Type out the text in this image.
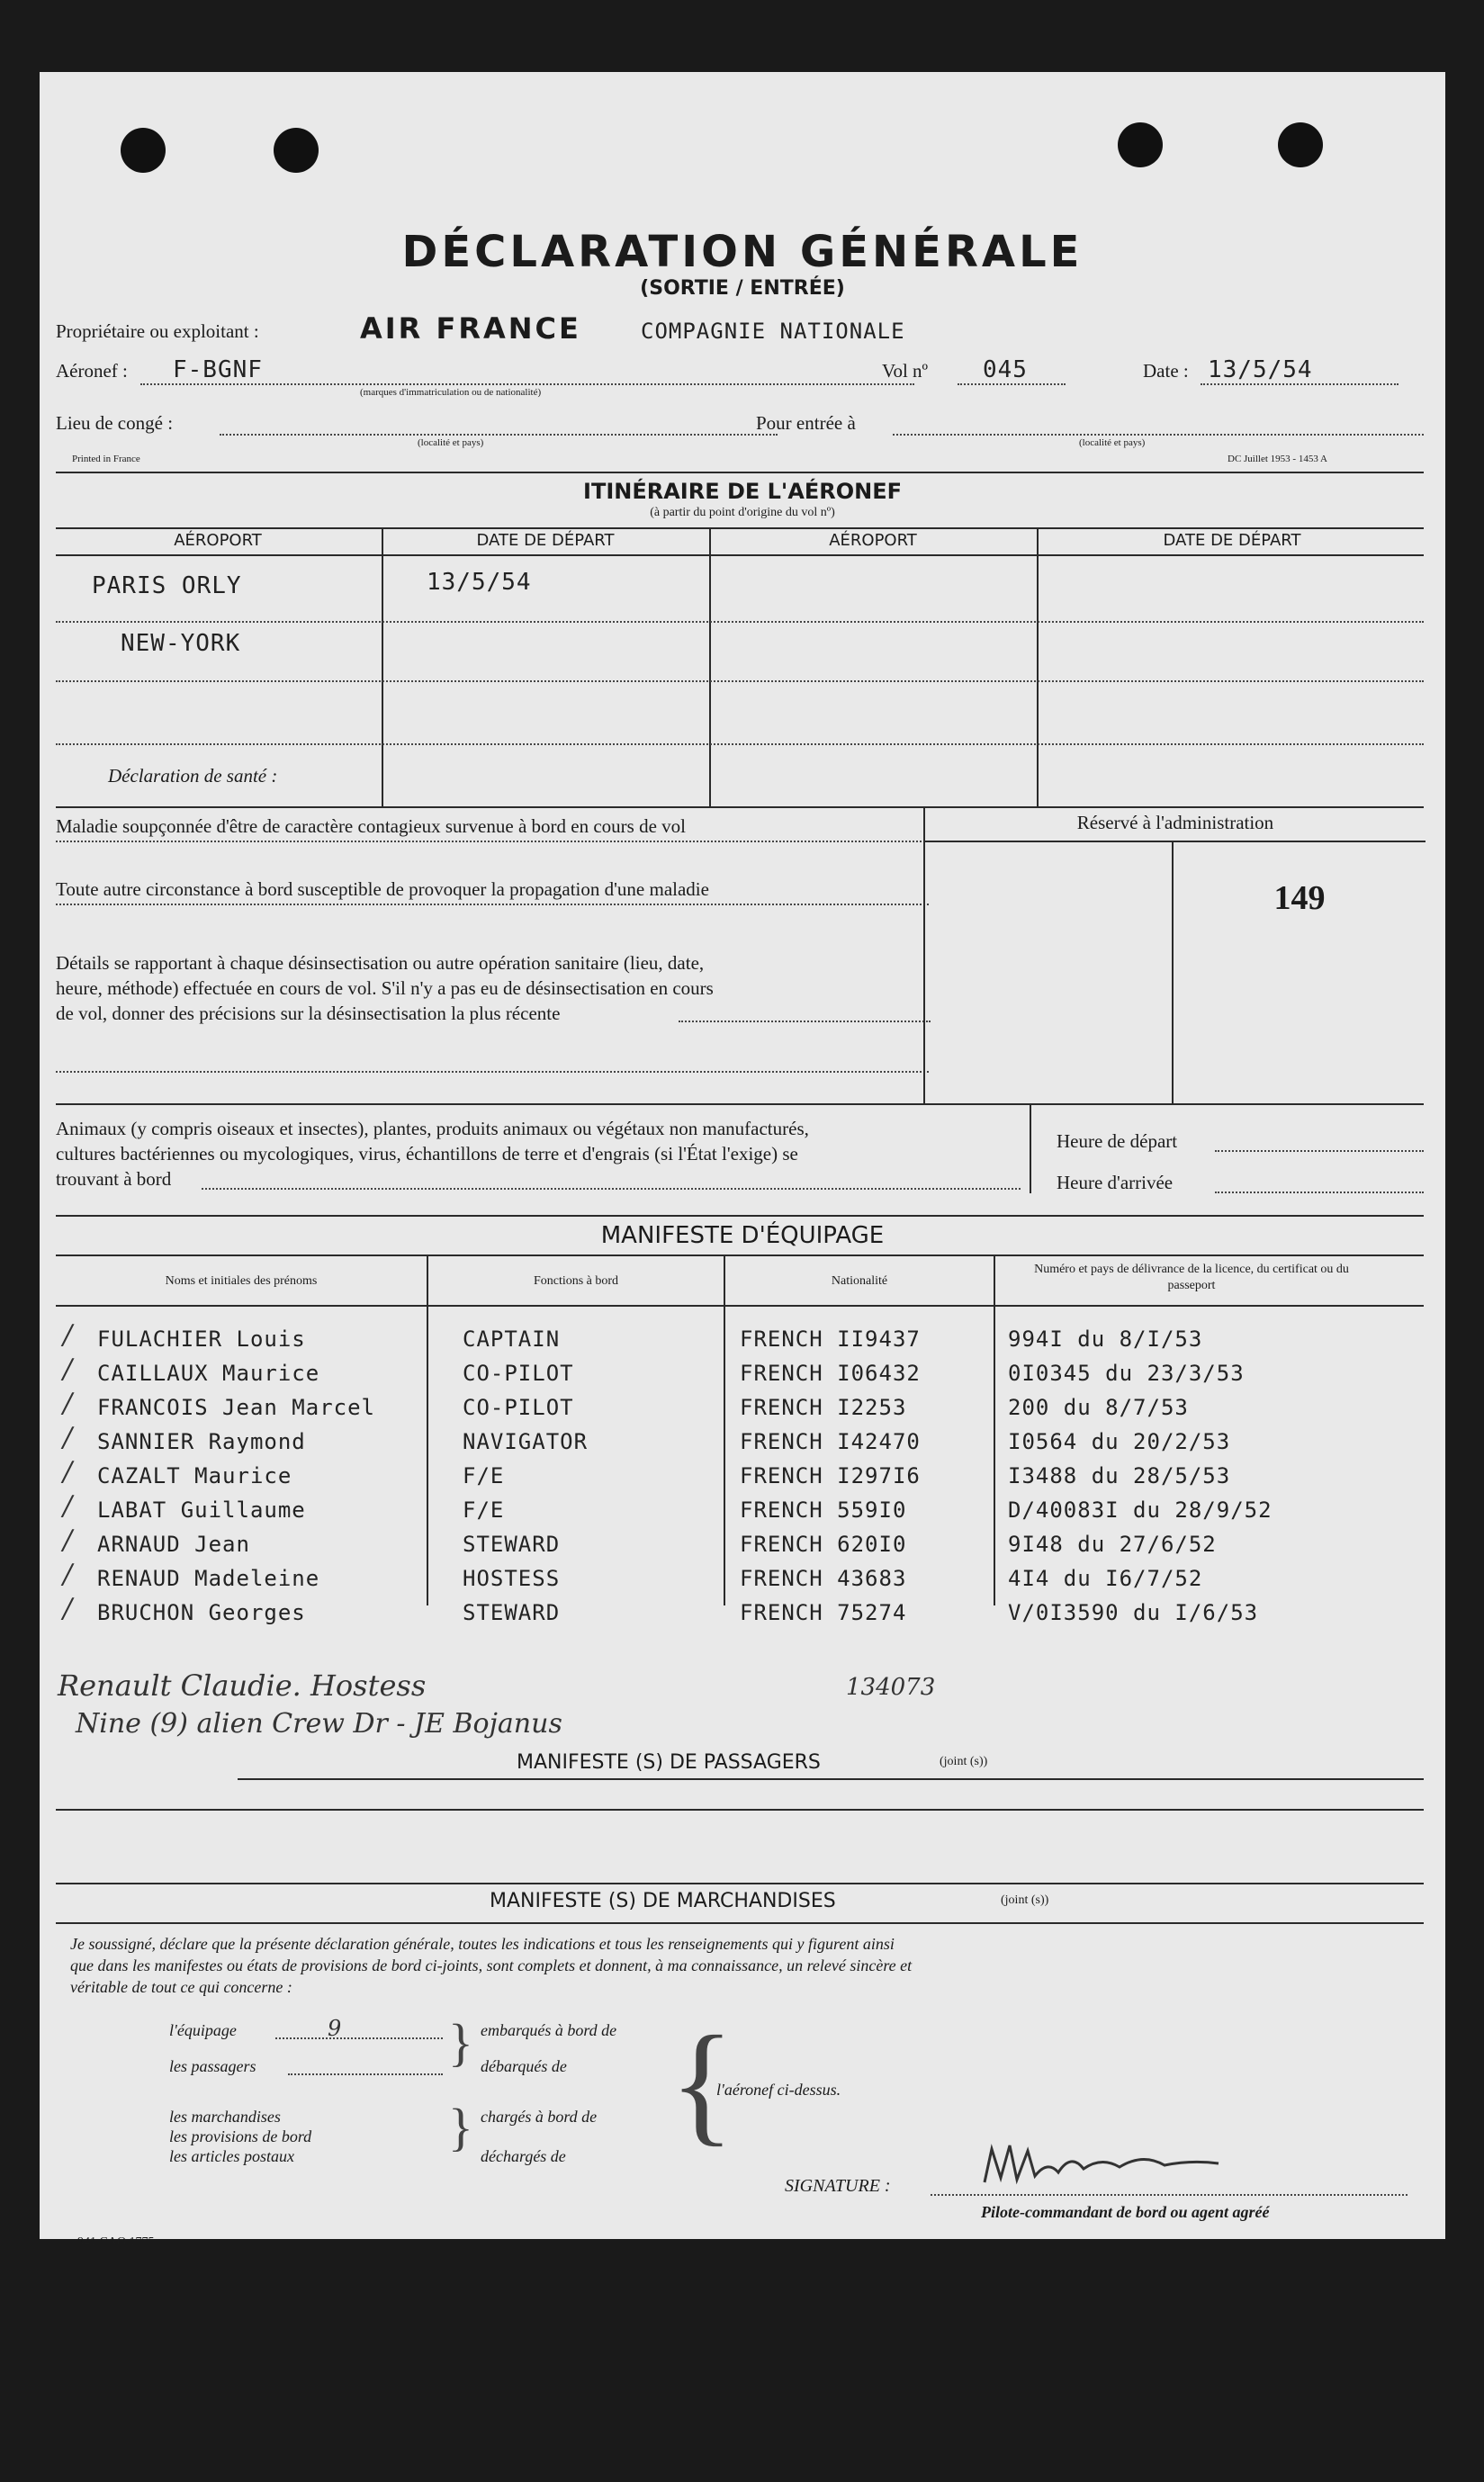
DÉCLARATION GÉNÉRALE
(SORTIE / ENTRÉE)
Propriétaire ou exploitant :	AIR FRANCE	COMPAGNIE NATIONALE
Aéronef : F-BGNF
(marques d'immatriculation ou de nationalité)
Vol nº 045	Date : 13/5/54
Lieu de congé :
(localité et pays)
Pour entrée à
(localité et pays)
Printed in France	DC Juillet 1953 - 1453 A
ITINÉRAIRE DE L'AÉRONEF
(à partir du point d'origine du vol nº)
AÉROPORT	DATE DE DÉPART	AÉROPORT	DATE DE DÉPART
PARIS ORLY	13/5/54
NEW-YORK
Déclaration de santé :
Maladie soupçonnée d'être de caractère contagieux survenue à bord en cours de vol
Toute autre circonstance à bord susceptible de provoquer la propagation d'une maladie
Détails se rapportant à chaque désinsectisation ou autre opération sanitaire (lieu, date,
heure, méthode) effectuée en cours de vol. S'il n'y a pas eu de désinsectisation en cours
de vol, donner des précisions sur la désinsectisation la plus récente
Réservé à l'administration
149
Animaux (y compris oiseaux et insectes), plantes, produits animaux ou végétaux non manufacturés,
cultures bactériennes ou mycologiques, virus, échantillons de terre et d'engrais (si l'État l'exige) se
trouvant à bord
Heure de départ
Heure d'arrivée
MANIFESTE D'ÉQUIPAGE
Noms et initiales des prénoms	Fonctions à bord	Nationalité
Numéro et pays de délivrance de la licence, du certificat ou du passeport
FULACHIER Louis	CAPTAIN	FRENCH II9437	994I du 8/I/53
/
CAILLAUX Maurice	CO-PILOT	FRENCH I06432	0I0345 du 23/3/53
/
FRANCOIS Jean Marcel	CO-PILOT	FRENCH I2253	200 du 8/7/53
/
SANNIER Raymond	NAVIGATOR	FRENCH I42470	I0564 du 20/2/53
/
CAZALT Maurice	F/E	FRENCH I297I6	I3488 du 28/5/53
/
LABAT Guillaume	F/E	FRENCH 559I0	D/40083I du 28/9/52
/
ARNAUD Jean	STEWARD	FRENCH 620I0	9I48 du 27/6/52
/
RENAUD Madeleine	HOSTESS	FRENCH 43683	4I4 du I6/7/52
/
BRUCHON Georges	STEWARD	FRENCH 75274	V/0I3590 du I/6/53
/
Renault Claudie. Hostess	134073
Nine (9) alien Crew Dr - JE Bojanus
MANIFESTE (S) DE PASSAGERS	(joint (s))
MANIFESTE (S) DE MARCHANDISES	(joint (s))
Je soussigné, déclare que la présente déclaration générale, toutes les indications et tous les renseignements qui y figurent ainsi
que dans les manifestes ou états de provisions de bord ci-joints, sont complets et donnent, à ma connaissance, un relevé sincère et
véritable de tout ce qui concerne :
l'équipage	9
les passagers	} embarqués à bord de
débarqués de
les marchandises
les provisions de bord
les articles postaux	} chargés à bord de
déchargés de {
l'aéronef ci-dessus.
SIGNATURE :
Pilote-commandant de bord ou agent agréé
941 CAO 1775
